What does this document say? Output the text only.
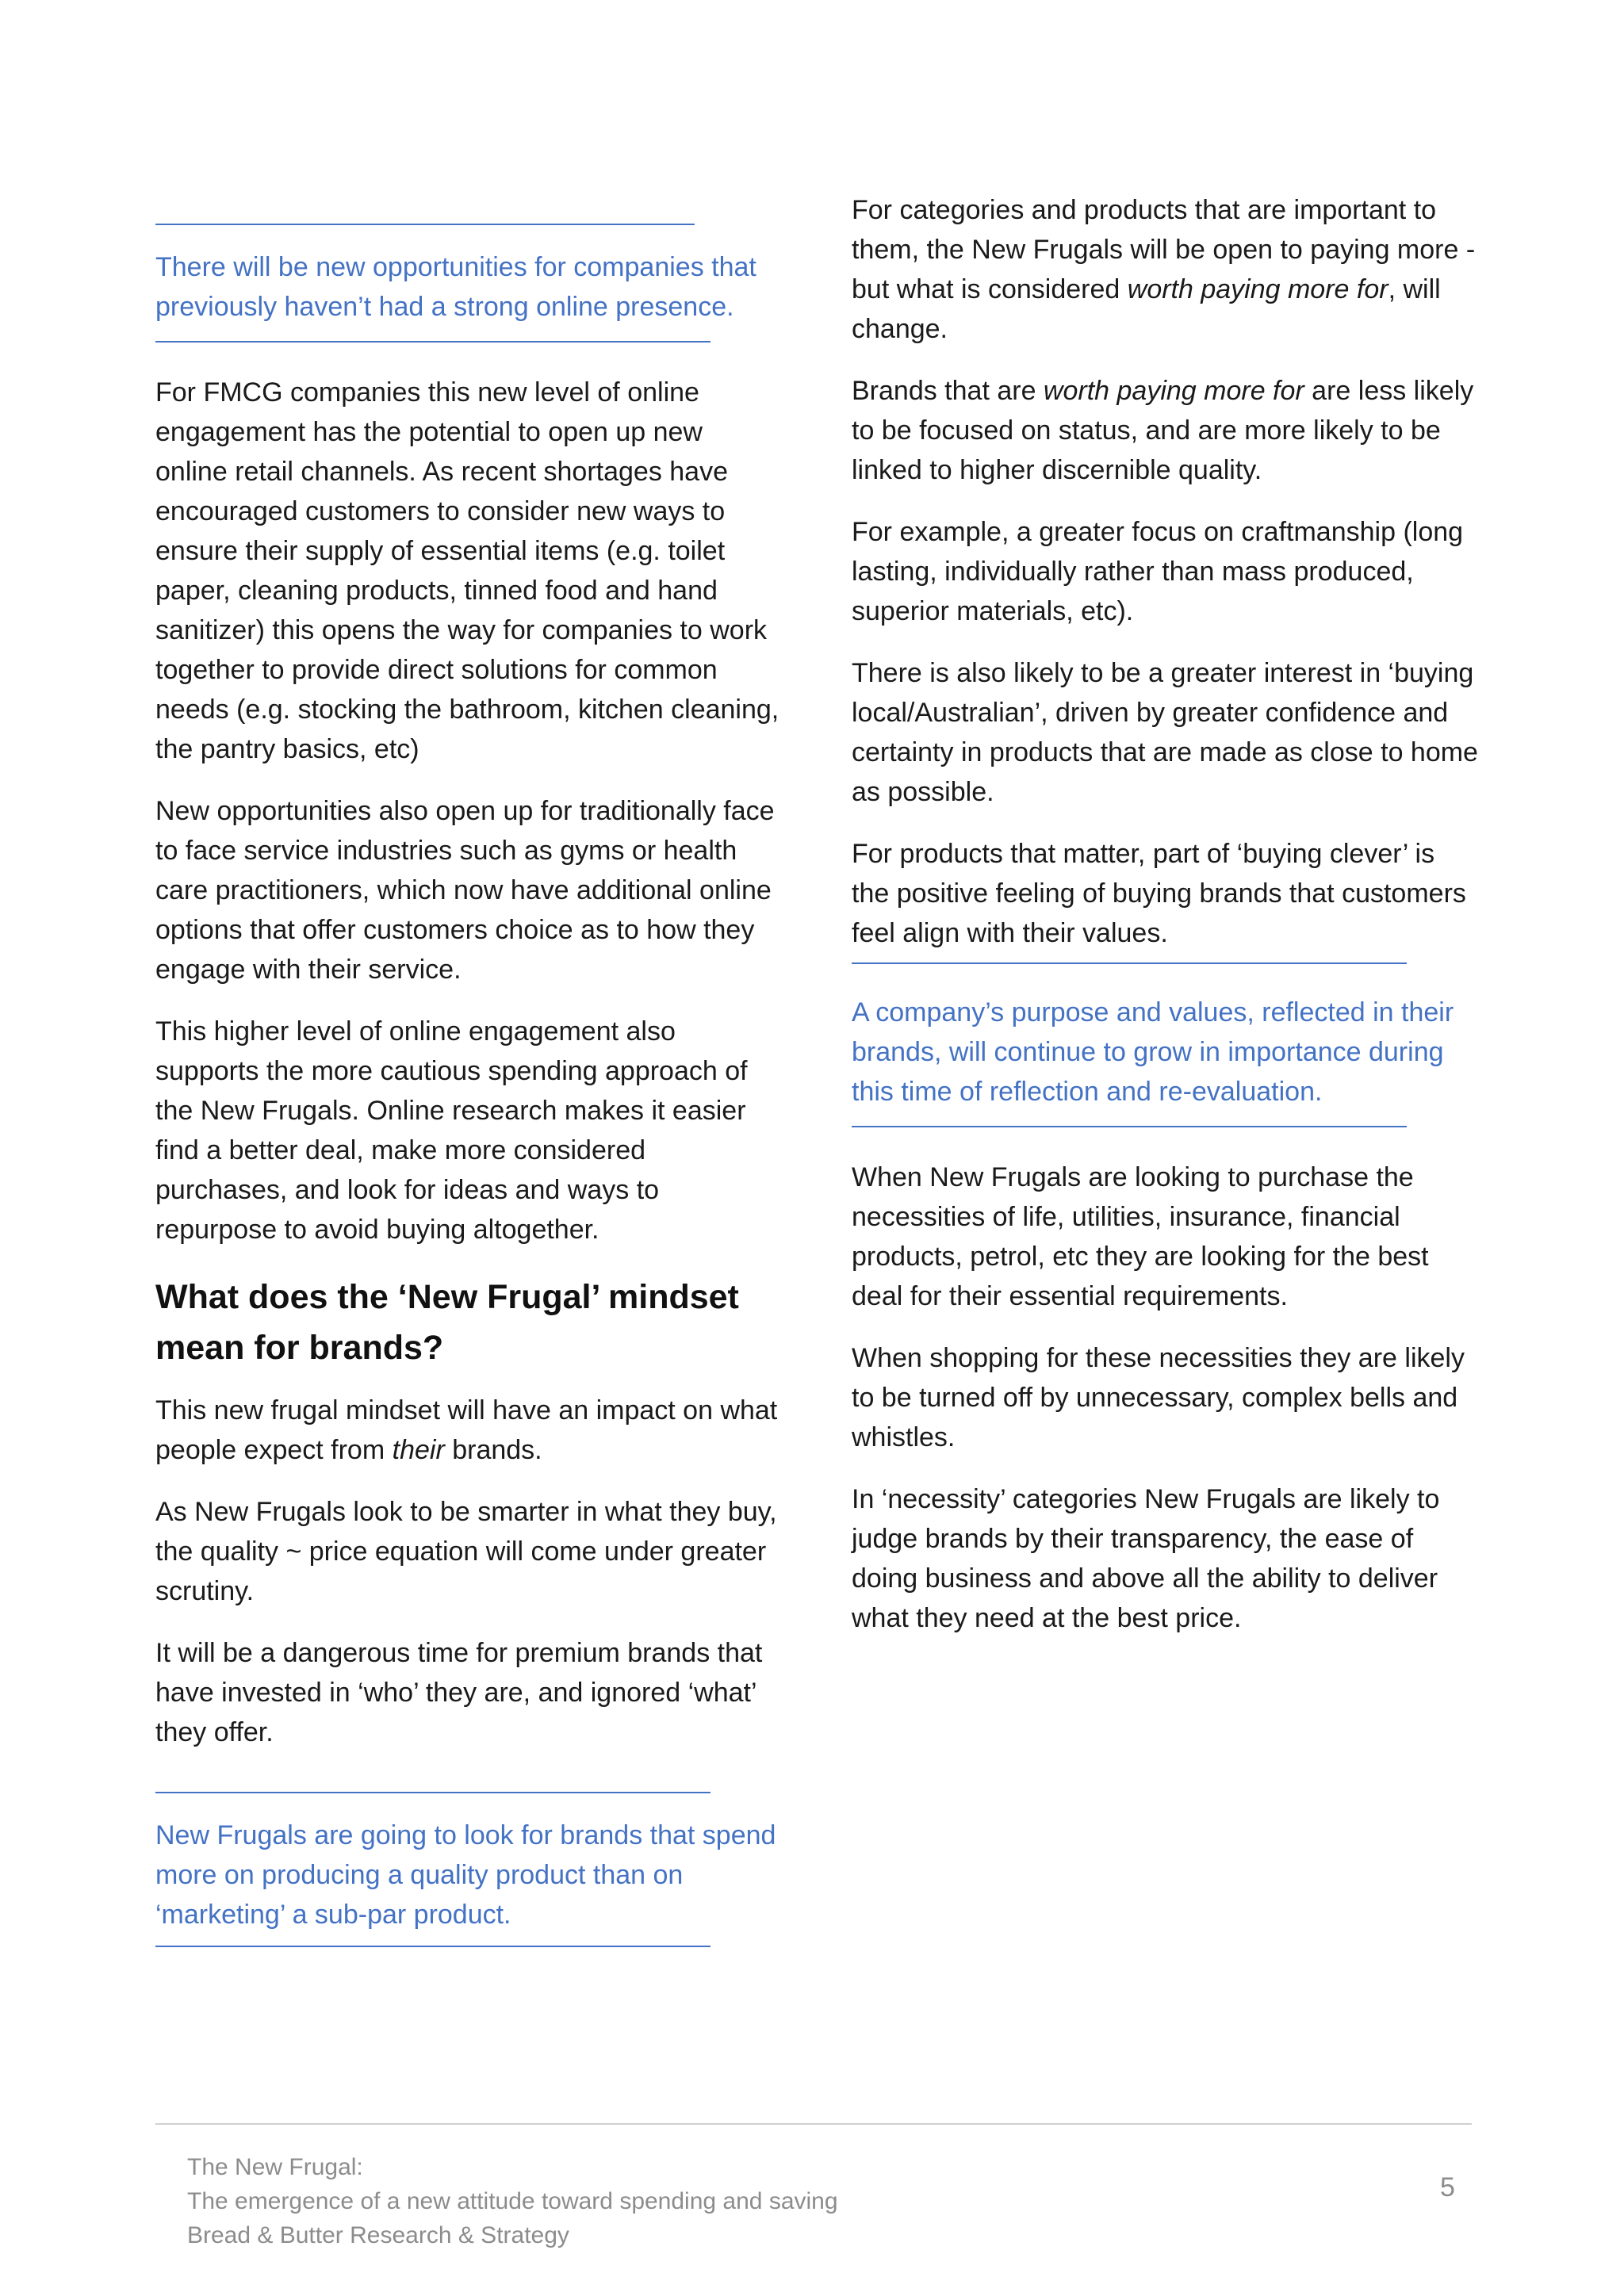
There will be new opportunities for companies that previously haven’t had a strong online presence.

For FMCG companies this new level of online engagement has the potential to open up new online retail channels. As recent shortages have encouraged customers to consider new ways to ensure their supply of essential items (e.g. toilet paper, cleaning products, tinned food and hand sanitizer) this opens the way for companies to work together to provide direct solutions for common needs (e.g. stocking the bathroom, kitchen cleaning, the pantry basics, etc)

New opportunities also open up for traditionally face to face service industries such as gyms or health care practitioners, which now have additional online options that offer customers choice as to how they engage with their service.

This higher level of online engagement also supports the more cautious spending approach of the New Frugals. Online research makes it easier find a better deal, make more considered purchases, and look for ideas and ways to repurpose to avoid buying altogether.

What does the ‘New Frugal’ mindset mean for brands?

This new frugal mindset will have an impact on what people expect from their brands.

As New Frugals look to be smarter in what they buy, the quality ~ price equation will come under greater scrutiny.

It will be a dangerous time for premium brands that have invested in ‘who’ they are, and ignored ‘what’ they offer.

New Frugals are going to look for brands that spend more on producing a quality product than on ‘marketing’ a sub-par product.

For categories and products that are important to them, the New Frugals will be open to paying more - but what is considered worth paying more for, will change.

Brands that are worth paying more for are less likely to be focused on status, and are more likely to be linked to higher discernible quality.

For example, a greater focus on craftmanship (long lasting, individually rather than mass produced, superior materials, etc).

There is also likely to be a greater interest in ‘buying local/Australian’, driven by greater confidence and certainty in products that are made as close to home as possible.

For products that matter, part of ‘buying clever’ is the positive feeling of buying brands that customers feel align with their values.

A company’s purpose and values, reflected in their brands, will continue to grow in importance during this time of reflection and re-evaluation.

When New Frugals are looking to purchase the necessities of life, utilities, insurance, financial products, petrol, etc they are looking for the best deal for their essential requirements.

When shopping for these necessities they are likely to be turned off by unnecessary, complex bells and whistles.

In ‘necessity’ categories New Frugals are likely to judge brands by their transparency, the ease of doing business and above all the ability to deliver what they need at the best price.

The New Frugal:
The emergence of a new attitude toward spending and saving
Bread & Butter Research & Strategy
5
